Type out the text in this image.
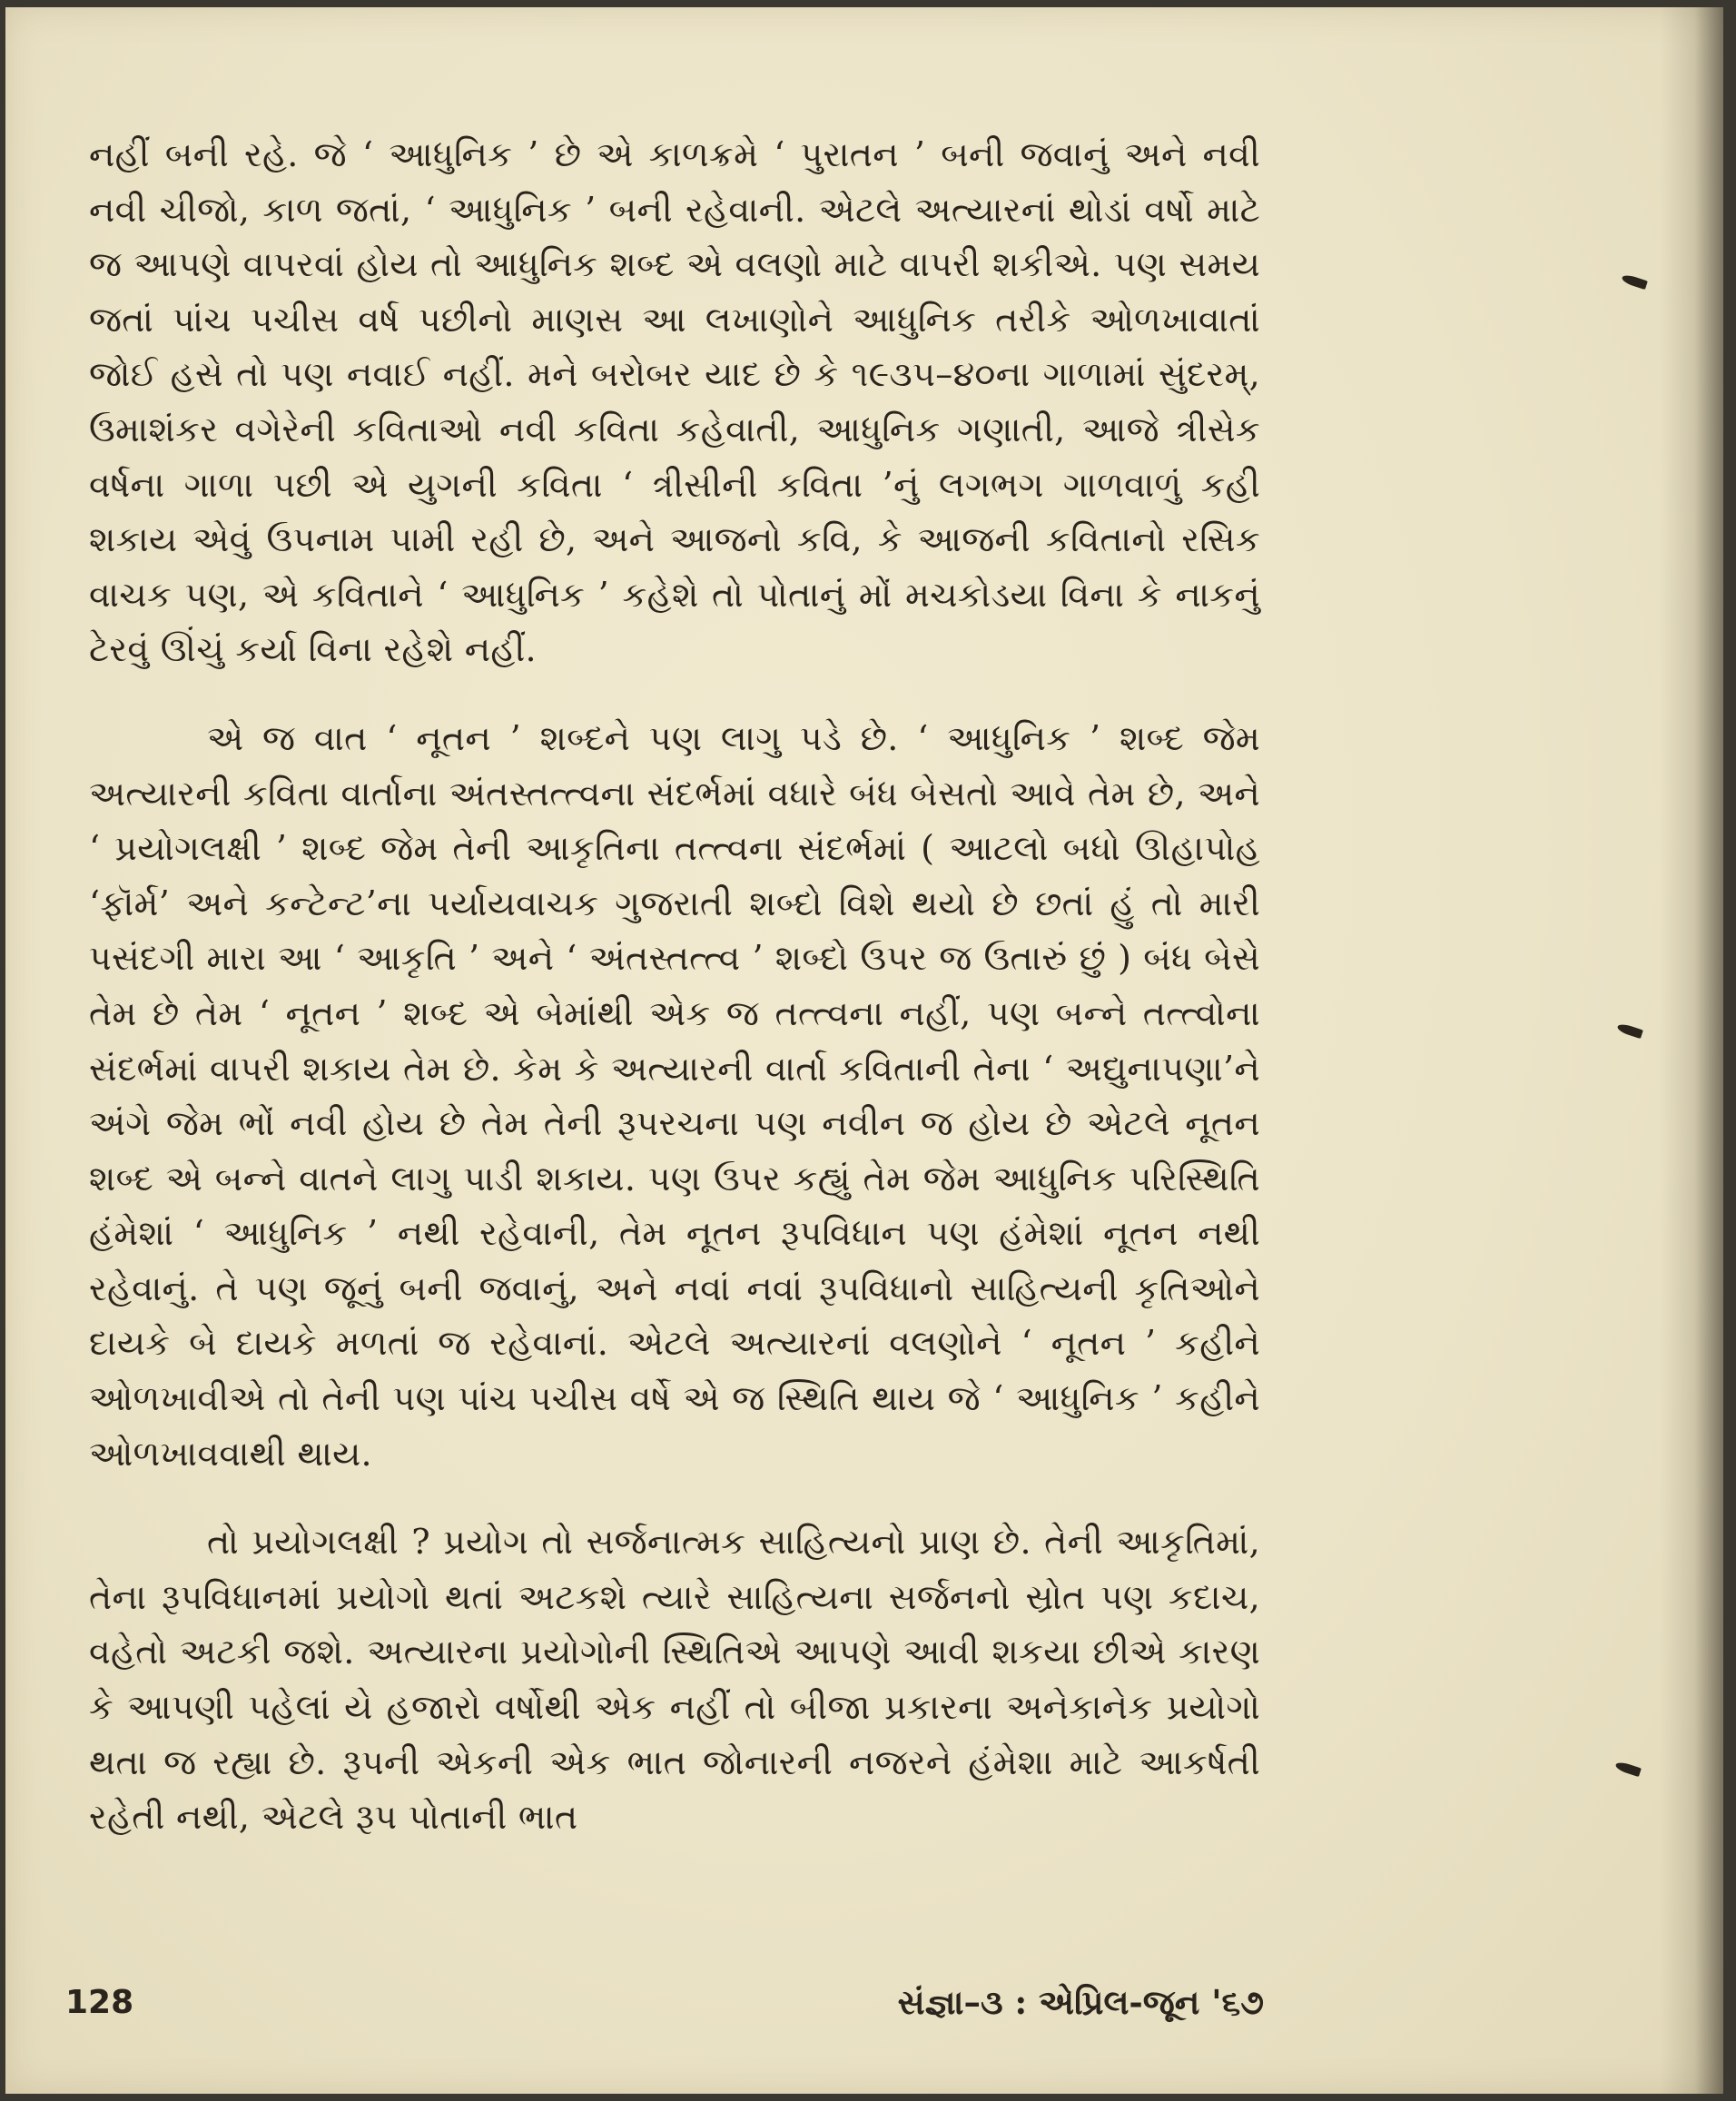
નહીં બની રહે. જે ‘ આધુનિક ’ છે એ કાળક્રમે ‘ પુરાતન ’ બની જવાનું અને નવી નવી ચીજો, કાળ જતાં, ‘ આધુનિક ’ બની રહેવાની. એટલે અત્યારનાં થોડાં વર્ષો માટે જ આપણે વાપરવાં હોય તો આધુનિક શબ્દ એ વલણો માટે વાપરી શકીએ. પણ સમય જતાં પાંચ પચીસ વર્ષ પછીનો માણસ આ લખાણોને આધુનિક તરીકે ઓળખાવાતાં જોઈ હસે તો પણ નવાઈ નહીં. મને બરોબર યાદ છે કે ૧૯૩૫–૪૦ના ગાળામાં સુંદરમ્, ઉમાશંકર વગેરેની કવિતાઓ નવી કવિતા કહેવાતી, આધુનિક ગણાતી, આજે ત્રીસેક વર્ષના ગાળા પછી એ યુગની કવિતા ‘ ત્રીસીની કવિતા ’નું લગભગ ગાળવાળું કહી શકાય એવું ઉપનામ પામી રહી છે, અને આજનો કવિ, કે આજની કવિતાનો રસિક વાચક પણ, એ કવિતાને ‘ આધુનિક ’ કહેશે તો પોતાનું મોં મચકોડયા વિના કે નાકનું ટેરવું ઊંચું કર્યા વિના રહેશે નહીં.

એ જ વાત ‘ નૂતન ’ શબ્દને પણ લાગુ પડે છે. ‘ આધુનિક ’ શબ્દ જેમ અત્યારની કવિતા વાર્તાના અંતસ્તત્ત્વના સંદર્ભમાં વધારે બંધ બેસતો આવે તેમ છે, અને ‘ પ્રયોગલક્ષી ’ શબ્દ જેમ તેની આકૃતિના તત્ત્વના સંદર્ભમાં ( આટલો બધો ઊહાપોહ ‘ફૉર્મ’ અને કન્ટેન્ટ’ના પર્યાયવાચક ગુજરાતી શબ્દો વિશે થયો છે છતાં હું તો મારી પસંદગી મારા આ ‘ આકૃતિ ’ અને ‘ અંતસ્તત્ત્વ ’ શબ્દો ઉપર જ ઉતારું છું ) બંધ બેસે તેમ છે તેમ ‘ નૂતન ’ શબ્દ એ બેમાંથી એક જ તત્ત્વના નહીં, પણ બન્ને તત્ત્વોના સંદર્ભમાં વાપરી શકાય તેમ છે. કેમ કે અત્યારની વાર્તા કવિતાની તેના ‘ અદ્યુનાપણા’ને અંગે જેમ ભોં નવી હોય છે તેમ તેની રૂપરચના પણ નવીન જ હોય છે એટલે નૂતન શબ્દ એ બન્ને વાતને લાગુ પાડી શકાય. પણ ઉપર કહ્યું તેમ જેમ આધુનિક પરિસ્થિતિ હંમેશાં ‘ આધુનિક ’ નથી રહેવાની, તેમ નૂતન રૂપવિધાન પણ હંમેશાં નૂતન નથી રહેવાનું. તે પણ જૂનું બની જવાનું, અને નવાં નવાં રૂપવિધાનો સાહિત્યની કૃતિઓને દાયકે બે દાયકે મળતાં જ રહેવાનાં. એટલે અત્યારનાં વલણોને ‘ નૂતન ’ કહીને ઓળખાવીએ તો તેની પણ પાંચ પચીસ વર્ષે એ જ સ્થિતિ થાય જે ‘ આધુનિક ’ કહીને ઓળખાવવાથી થાય.

તો પ્રયોગલક્ષી ? પ્રયોગ તો સર્જનાત્મક સાહિત્યનો પ્રાણ છે. તેની આકૃતિમાં, તેના રૂપવિધાનમાં પ્રયોગો થતાં અટકશે ત્યારે સાહિત્યના સર્જનનો સ્રોત પણ કદાચ, વહેતો અટકી જશે. અત્યારના પ્રયોગોની સ્થિતિએ આપણે આવી શકયા છીએ કારણ કે આપણી પહેલાં યે હજારો વર્ષોથી એક નહીં તો બીજા પ્રકારના અનેકાનેક પ્રયોગો થતા જ રહ્યા છે. રૂપની એકની એક ભાત જોનારની નજરને હંમેશા માટે આકર્ષતી રહેતી નથી, એટલે રૂપ પોતાની ભાત

128	સંજ્ઞા–૩ : એપ્રિલ-જૂન '૬૭
